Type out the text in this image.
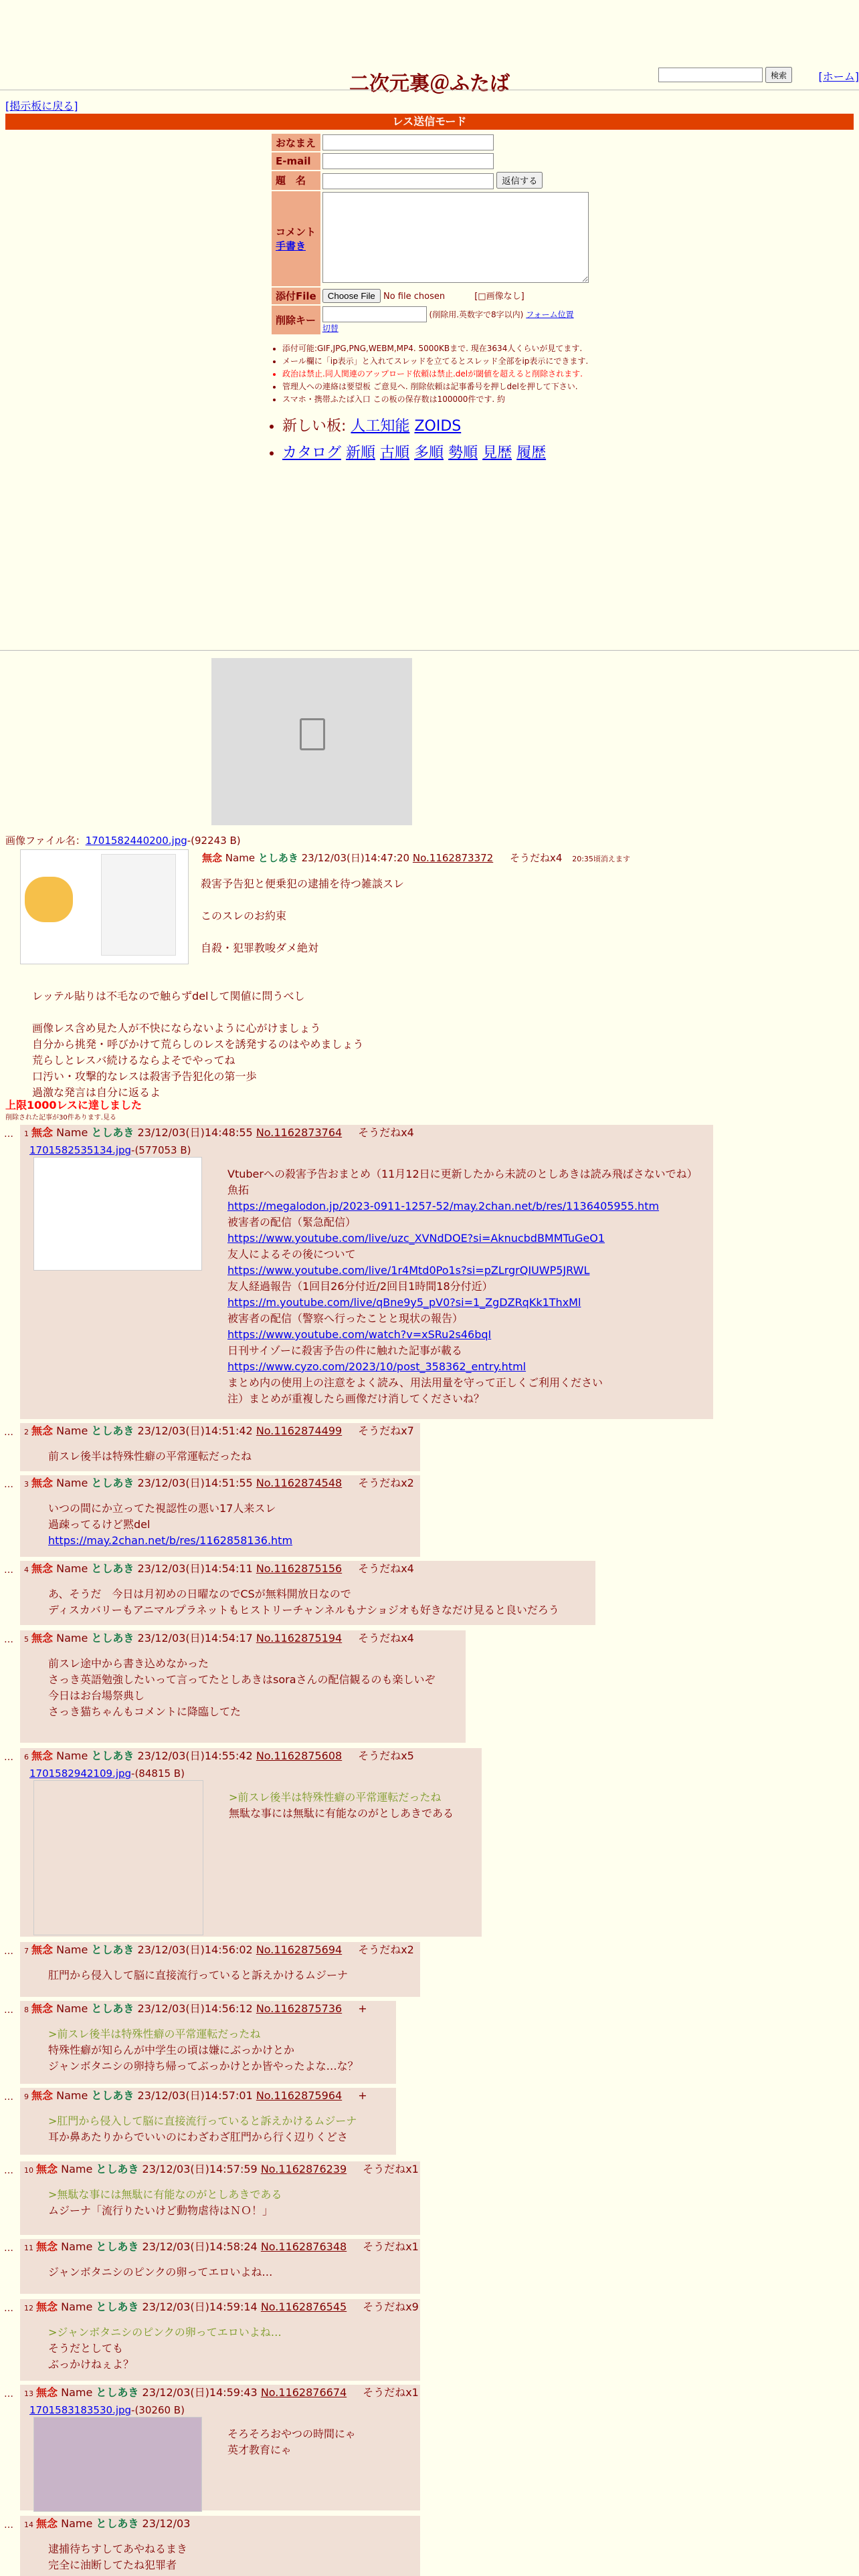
二次元裏＠ふたば	検索	[ホーム]
[掲示板に戻る]
レス送信モード
おなまえ	
E-mail	
題　名	返信する

コメント
手書き	
添付File	Choose File No file chosen [□画像なし]
削除キー	(削除用.英数字で8字以内) フォーム位置
切替
• 添付可能:GIF,JPG,PNG,WEBM,MP4. 5000KBまで. 現在3634人くらいが見てます.
• メール欄に「ip表示」と入れてスレッドを立てるとスレッド全部をip表示にできます.
• 政治は禁止.同人関連のアップロード依頼は禁止.delが閾値を超えると削除されます.
• 管理人への連絡は要望板 ご意見へ. 削除依頼は記事番号を押しdelを押して下さい.
• スマホ・携帯ふたば入口 この板の保存数は100000件です. 約
• 新しい板: 人工知能 ZOIDS
• カタログ 新順 古順 多順 勢順 見歴 履歴
画像ファイル名：1701582440200.jpg-(92243 B)
無念 Name としあき 23/12/03(日)14:47:20 No.1162873372 そうだねx4 20:35頃消えます
殺害予告犯と便乗犯の逮捕を待つ雑談スレ
このスレのお約束
自殺・犯罪教唆ダメ絶対
レッテル貼りは不毛なので触らずdelして関値に問うべし
画像レス含め見た人が不快にならないように心がけましょう
自分から挑発・呼びかけて荒らしのレスを誘発するのはやめましょう
荒らしとレスバ続けるならよそでやってね
口汚い・攻撃的なレスは殺害予告犯化の第一歩
過激な発言は自分に返るよ
上限1000レスに達しました
削除された記事が30件あります.見る
…	1 無念 Name としあき 23/12/03(日)14:48:55 No.1162873764 そうだねx4
1701582535134.jpg-(577053 B)
Vtuberへの殺害予告おまとめ（11月12日に更新したから未読のとしあきは読み飛ばさないでね）
魚拓
https://megalodon.jp/2023-0911-1257-52/may.2chan.net/b/res/1136405955.htm
被害者の配信（緊急配信）
https://www.youtube.com/live/uzc_XVNdDOE?si=AknucbdBMMTuGeO1
友人によるその後について
https://www.youtube.com/live/1r4Mtd0Po1s?si=pZLrgrQIUWP5JRWL
友人経過報告（1回目26分付近/2回目1時間18分付近）
https://m.youtube.com/live/qBne9y5_pV0?si=1_ZgDZRqKk1ThxMl
被害者の配信（警察へ行ったことと現状の報告）
https://www.youtube.com/watch?v=xSRu2s46bqI
日刊サイゾーに殺害予告の件に触れた記事が載る
https://www.cyzo.com/2023/10/post_358362_entry.html
まとめ内の使用上の注意をよく読み、用法用量を守って正しくご利用ください
注）まとめが重複したら画像だけ消してくださいね？
…	2 無念 Name としあき 23/12/03(日)14:51:42 No.1162874499 そうだねx7
前スレ後半は特殊性癖の平常運転だったね
…	3 無念 Name としあき 23/12/03(日)14:51:55 No.1162874548 そうだねx2
いつの間にか立ってた視認性の悪い17人来スレ
過疎ってるけど黙del
https://may.2chan.net/b/res/1162858136.htm
…	4 無念 Name としあき 23/12/03(日)14:54:11 No.1162875156 そうだねx4
あ、そうだ　今日は月初めの日曜なのでCSが無料開放日なので
ディスカバリーもアニマルプラネットもヒストリーチャンネルもナショジオも好きなだけ見ると良いだろう
…	5 無念 Name としあき 23/12/03(日)14:54:17 No.1162875194 そうだねx4
前スレ途中から書き込めなかった
さっき英語勉強したいって言ってたとしあきはsoraさんの配信観るのも楽しいぞ
今日はお台場祭典し
さっき猫ちゃんもコメントに降臨してた
…	6 無念 Name としあき 23/12/03(日)14:55:42 No.1162875608 そうだねx5
1701582942109.jpg-(84815 B)
>前スレ後半は特殊性癖の平常運転だったね
無駄な事には無駄に有能なのがとしあきである
…	7 無念 Name としあき 23/12/03(日)14:56:02 No.1162875694 そうだねx2
肛門から侵入して脳に直接流行っていると訴えかけるムジーナ
…	8 無念 Name としあき 23/12/03(日)14:56:12 No.1162875736 +
>前スレ後半は特殊性癖の平常運転だったね
特殊性癖が知らんが中学生の頃は嫌にぶっかけとか
ジャンボタニシの卵持ち帰ってぶっかけとか皆やったよな…な？
…	9 無念 Name としあき 23/12/03(日)14:57:01 No.1162875964 +
>肛門から侵入して脳に直接流行っていると訴えかけるムジーナ
耳か鼻あたりからでいいのにわざわざ肛門から行く辺りくどさ
…	10 無念 Name としあき 23/12/03(日)14:57:59 No.1162876239 そうだねx1
>無駄な事には無駄に有能なのがとしあきである
ムジーナ「流行りたいけど動物虐待はＮＯ！」
…	11 無念 Name としあき 23/12/03(日)14:58:24 No.1162876348 そうだねx1
ジャンボタニシのピンクの卵ってエロいよね…
…	12 無念 Name としあき 23/12/03(日)14:59:14 No.1162876545 そうだねx9
>ジャンボタニシのピンクの卵ってエロいよね…
そうだとしても
ぶっかけねぇよ？
…	13 無念 Name としあき 23/12/03(日)14:59:43 No.1162876674 そうだねx1
1701583183530.jpg-(30260 B)
そろそろおやつの時間にゃ
英才教育にゃ
…	14 無念 Name としあき 23/12/03
逮捕待ちすしてあやねるまき
完全に油断してたね犯罪者
